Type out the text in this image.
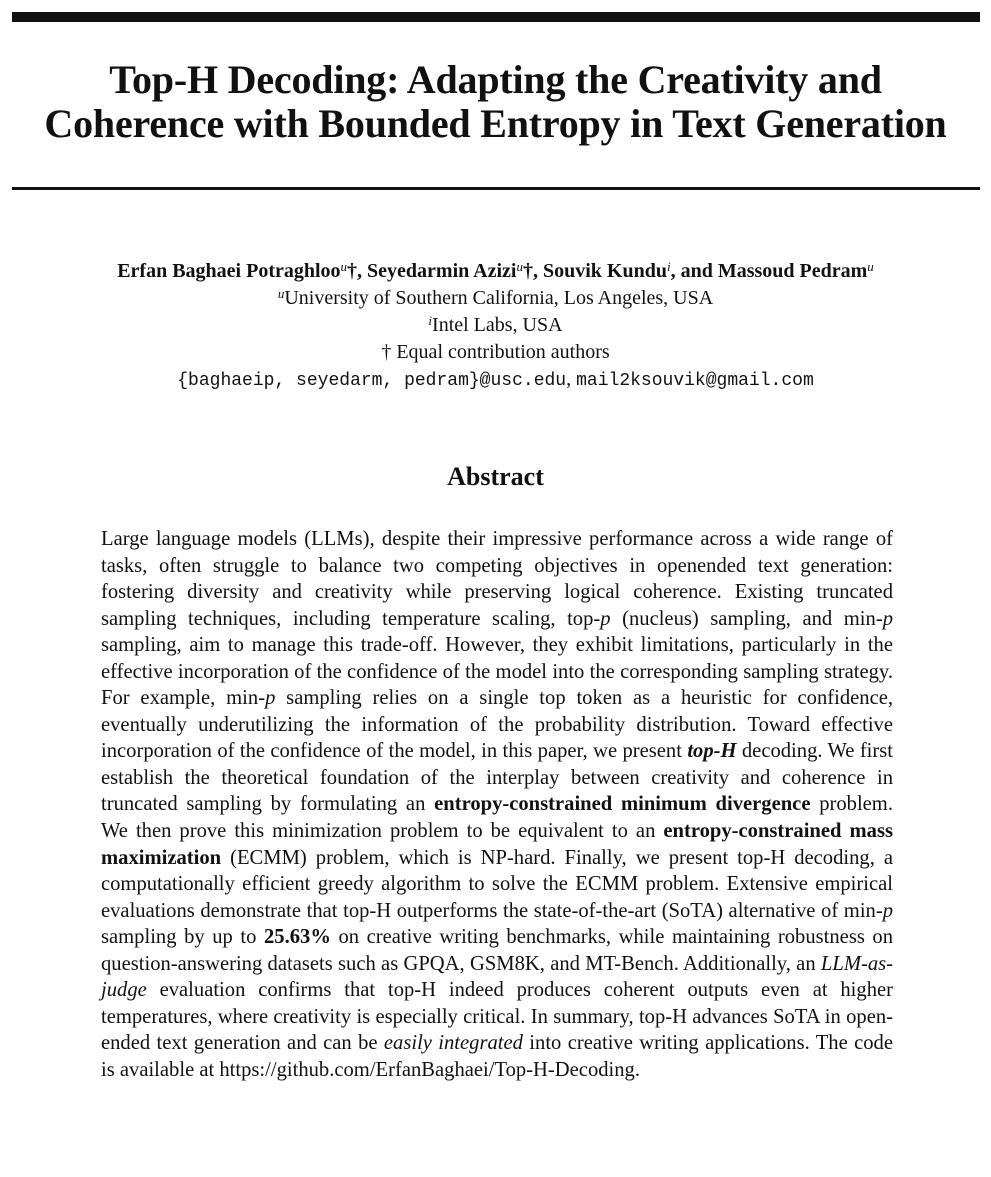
Top-H Decoding: Adapting the Creativity and
Coherence with Bounded Entropy in Text Generation
Erfan Baghaei Potraghloo$^u$†, Seyedarmin Azizi$^u$†, Souvik Kundu$^i$, and Massoud Pedram$^u$
$^u$University of Southern California, Los Angeles, USA
$^i$Intel Labs, USA
† Equal contribution authors
{baghaeip, seyedarm, pedram}@usc.edu, mail2ksouvik@gmail.com
Abstract

Large language models (LLMs), despite their impressive performance across a wide range of tasks, often struggle to balance two competing objectives in openended text generation: fostering diversity and creativity while preserving logical coherence. Existing truncated sampling techniques, including temperature scaling, top-p (nucleus) sampling, and min-p sampling, aim to manage this trade-off. However, they exhibit limitations, particularly in the effective incorporation of the confidence of the model into the corresponding sampling strategy. For example, min-p sampling relies on a single top token as a heuristic for confidence, eventually underutilizing the information of the probability distribution. Toward effective incorporation of the confidence of the model, in this paper, we present top-H decoding. We first establish the theoretical foundation of the interplay between creativity and coherence in truncated sampling by formulating an entropy-constrained minimum divergence problem. We then prove this minimization problem to be equivalent to an entropy-constrained mass maximization (ECMM) problem, which is NP-hard. Finally, we present top-H decoding, a computationally efficient greedy algorithm to solve the ECMM problem. Extensive empirical evaluations demonstrate that top-H outperforms the state-of-the-art (SoTA) alternative of min-p sampling by up to 25.63% on creative writing benchmarks, while maintaining robustness on question-answering datasets such as GPQA, GSM8K, and MT-Bench. Additionally, an LLM-as-judge evaluation confirms that top-H indeed produces coherent outputs even at higher temperatures, where creativity is especially critical. In summary, top-H advances SoTA in open-ended text generation and can be easily integrated into creative writing applications. The code is available at https://github.com/ErfanBaghaei/Top-H-Decoding.
